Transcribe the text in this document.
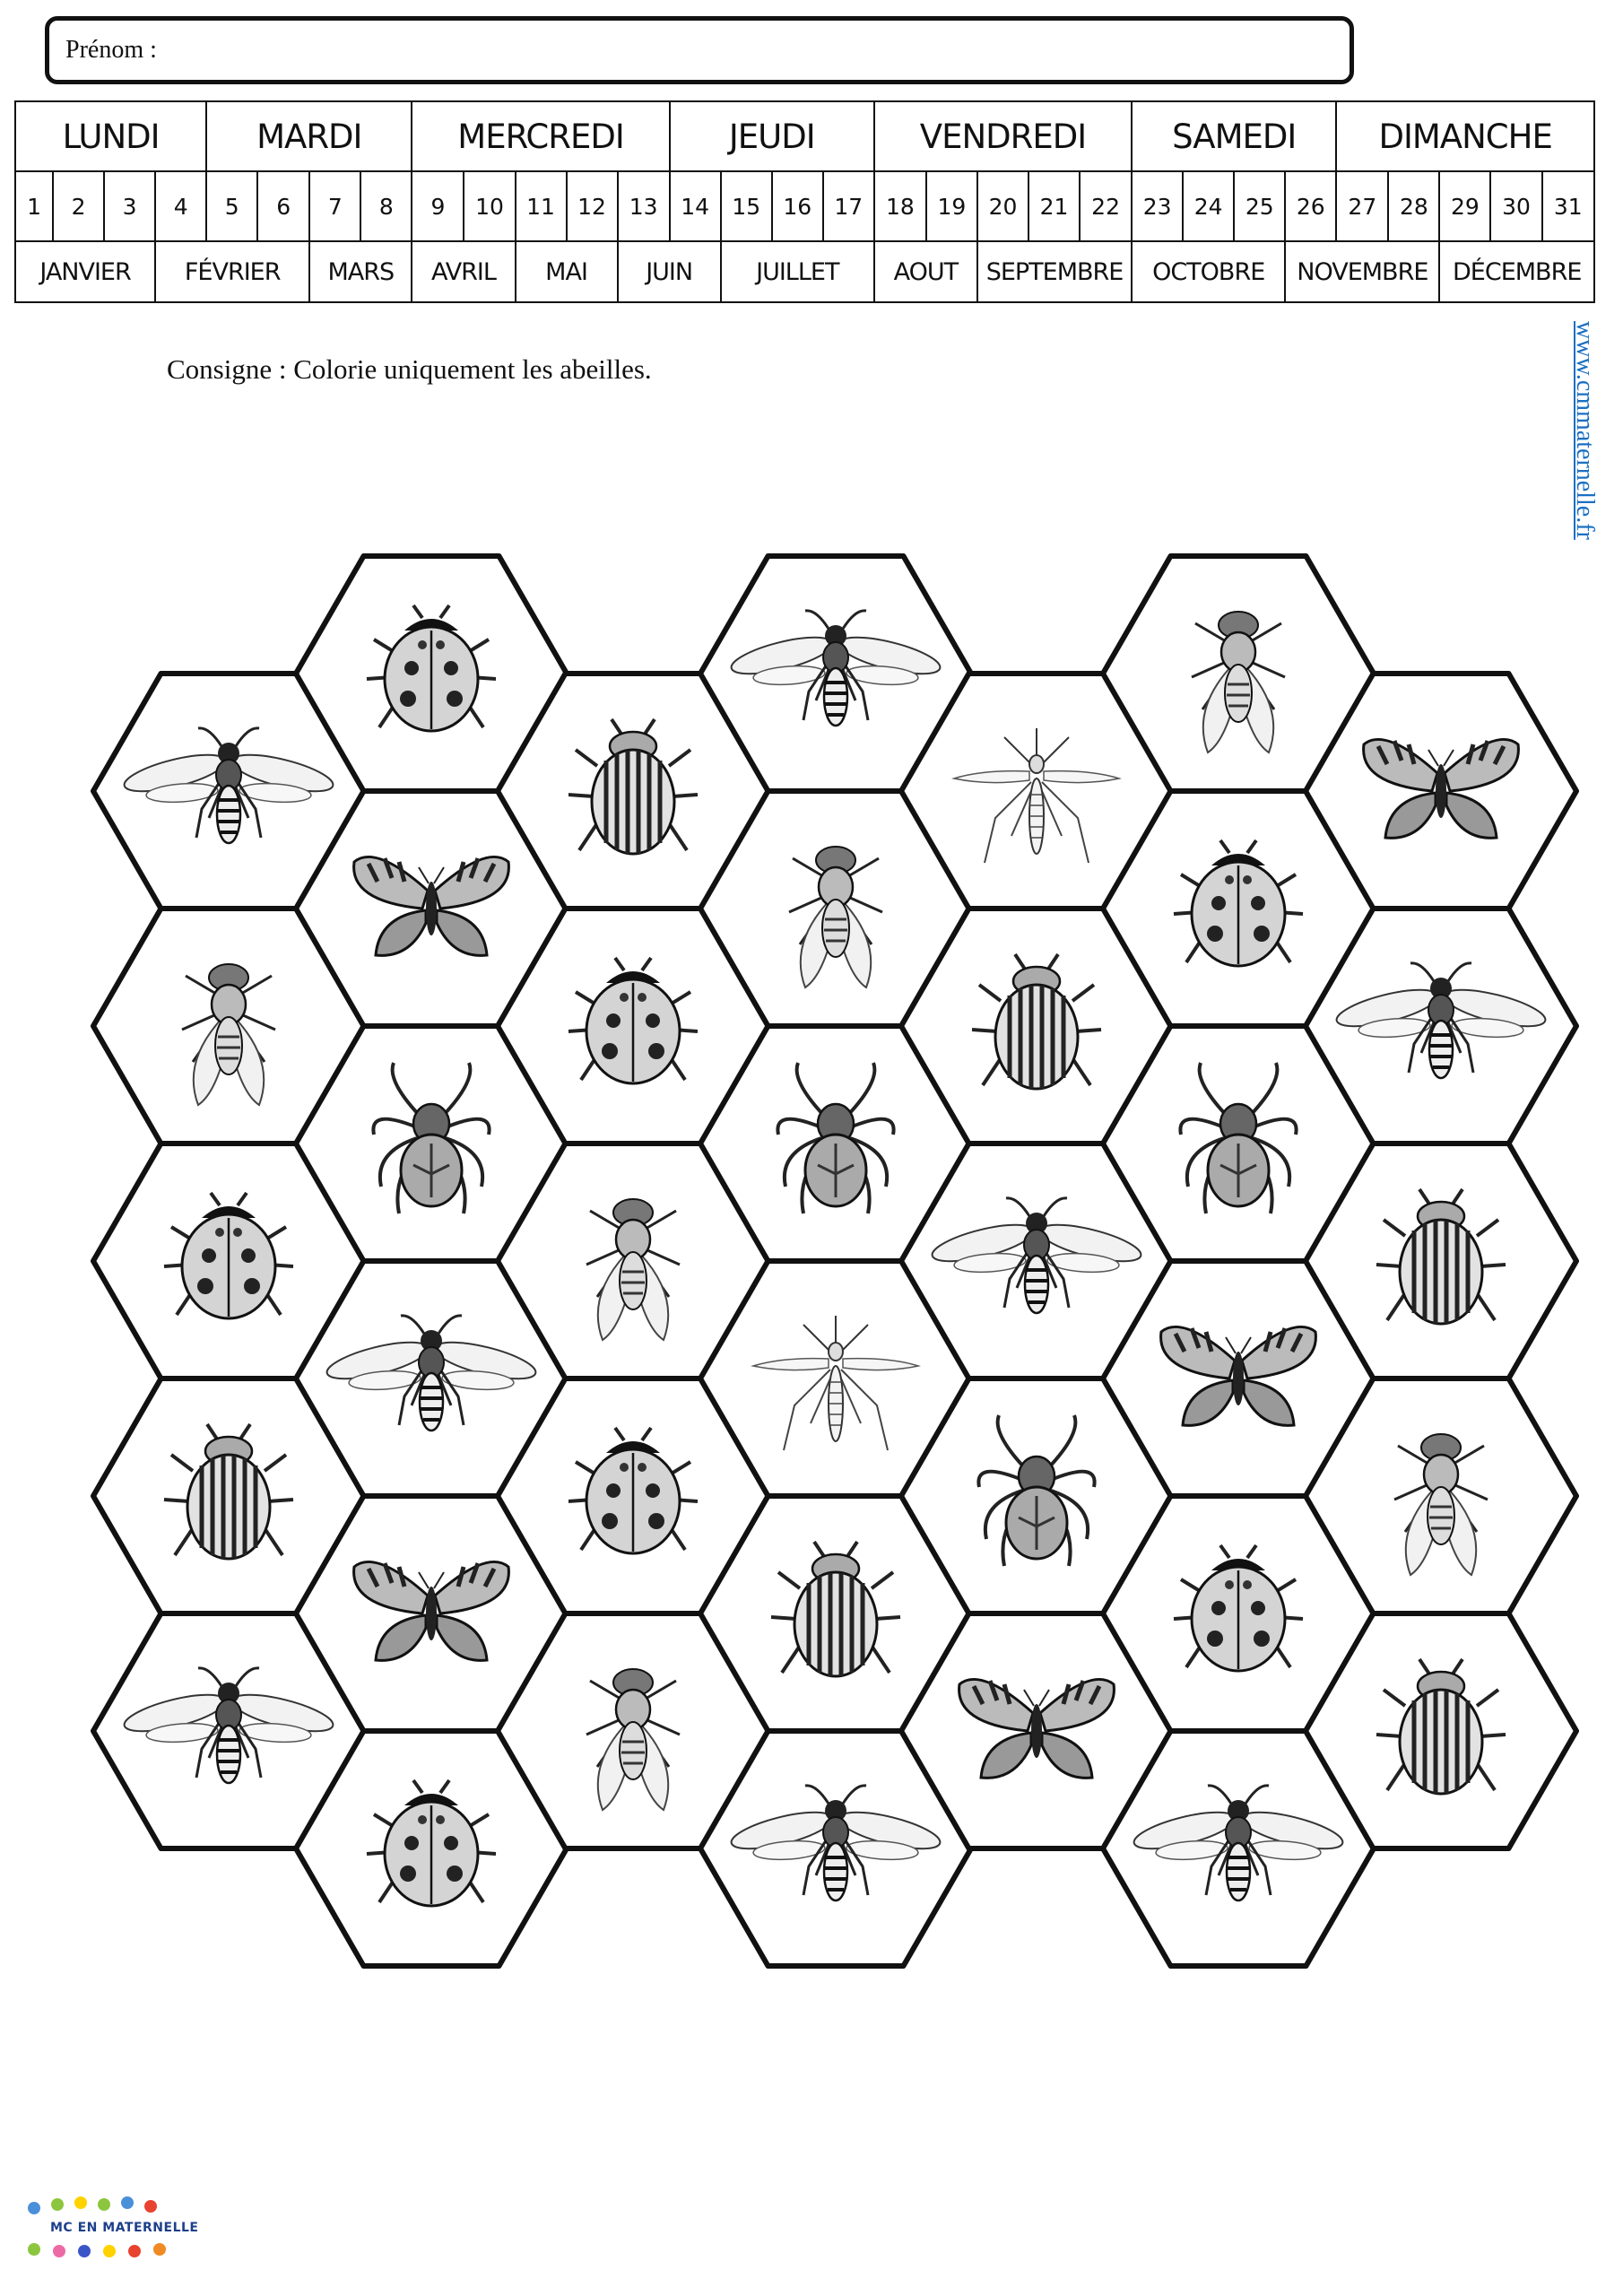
Prénom :
LUNDI				MARDI				MERCREDI					JEUDI				VENDREDI					SAMEDI				DIMANCHE				
1	2	3	4	5	6	7	8	9	10	11	12	13	14	15	16	17	18	19	20	21	22	23	24	25	26	27	28	29	30	31
JANVIER			FÉVRIER			MARS		AVRIL		MAI		JUIN		JUILLET			AOUT		SEPTEMBRE			OCTOBRE			NOVEMBRE			DÉCEMBRE		
Consigne : Colorie uniquement les abeilles.	www.cmmaternelle.fr
MC EN MATERNELLE
